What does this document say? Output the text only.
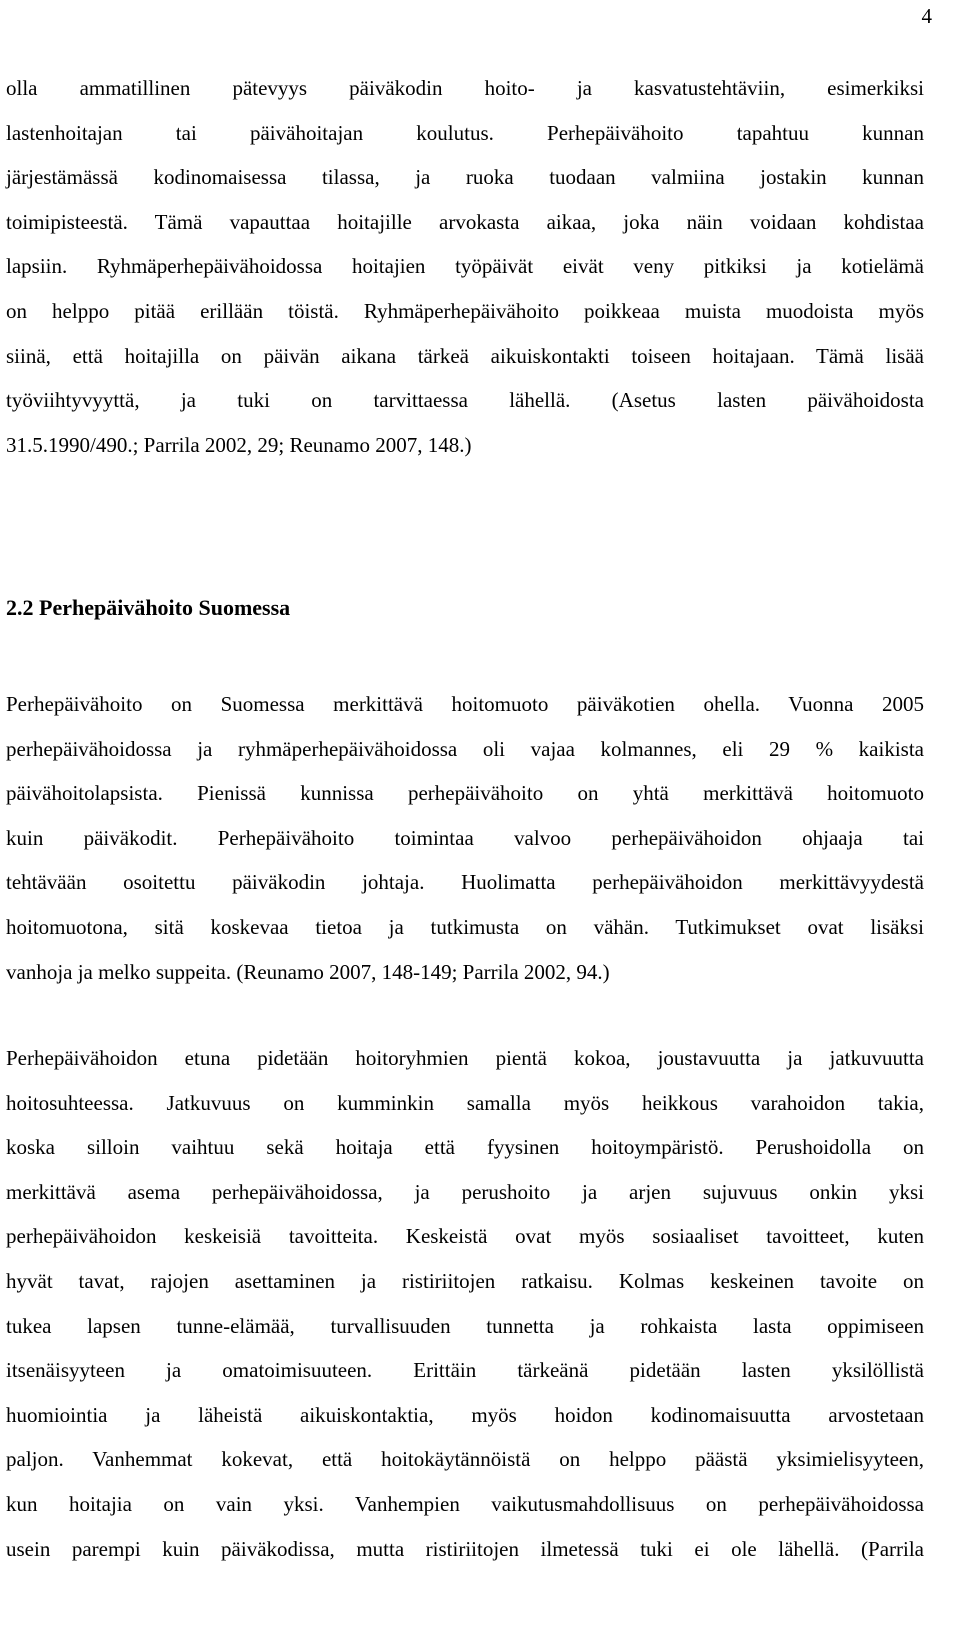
4
olla ammatillinen pätevyys päiväkodin hoito- ja kasvatustehtäviin, esimerkiksi
lastenhoitajan tai päivähoitajan koulutus. Perhepäivähoito tapahtuu kunnan
järjestämässä kodinomaisessa tilassa, ja ruoka tuodaan valmiina jostakin kunnan
toimipisteestä. Tämä vapauttaa hoitajille arvokasta aikaa, joka näin voidaan kohdistaa
lapsiin. Ryhmäperhepäivähoidossa hoitajien työpäivät eivät veny pitkiksi ja kotielämä
on helppo pitää erillään töistä. Ryhmäperhepäivähoito poikkeaa muista muodoista myös
siinä, että hoitajilla on päivän aikana tärkeä aikuiskontakti toiseen hoitajaan. Tämä lisää
työviihtyvyyttä, ja tuki on tarvittaessa lähellä. (Asetus lasten päivähoidosta
31.5.1990/490.; Parrila 2002, 29; Reunamo 2007, 148.)
2.2 Perhepäivähoito Suomessa
Perhepäivähoito on Suomessa merkittävä hoitomuoto päiväkotien ohella. Vuonna 2005
perhepäivähoidossa ja ryhmäperhepäivähoidossa oli vajaa kolmannes, eli 29 % kaikista
päivähoitolapsista. Pienissä kunnissa perhepäivähoito on yhtä merkittävä hoitomuoto
kuin päiväkodit. Perhepäivähoito toimintaa valvoo perhepäivähoidon ohjaaja tai
tehtävään osoitettu päiväkodin johtaja. Huolimatta perhepäivähoidon merkittävyydestä
hoitomuotona, sitä koskevaa tietoa ja tutkimusta on vähän. Tutkimukset ovat lisäksi
vanhoja ja melko suppeita. (Reunamo 2007, 148-149; Parrila 2002, 94.)
Perhepäivähoidon etuna pidetään hoitoryhmien pientä kokoa, joustavuutta ja jatkuvuutta
hoitosuhteessa. Jatkuvuus on kumminkin samalla myös heikkous varahoidon takia,
koska silloin vaihtuu sekä hoitaja että fyysinen hoitoympäristö. Perushoidolla on
merkittävä asema perhepäivähoidossa, ja perushoito ja arjen sujuvuus onkin yksi
perhepäivähoidon keskeisiä tavoitteita. Keskeistä ovat myös sosiaaliset tavoitteet, kuten
hyvät tavat, rajojen asettaminen ja ristiriitojen ratkaisu. Kolmas keskeinen tavoite on
tukea lapsen tunne-elämää, turvallisuuden tunnetta ja rohkaista lasta oppimiseen
itsenäisyyteen ja omatoimisuuteen. Erittäin tärkeänä pidetään lasten yksilöllistä
huomiointia ja läheistä aikuiskontaktia, myös hoidon kodinomaisuutta arvostetaan
paljon. Vanhemmat kokevat, että hoitokäytännöistä on helppo päästä yksimielisyyteen,
kun hoitajia on vain yksi. Vanhempien vaikutusmahdollisuus on perhepäivähoidossa
usein parempi kuin päiväkodissa, mutta ristiriitojen ilmetessä tuki ei ole lähellä. (Parrila
